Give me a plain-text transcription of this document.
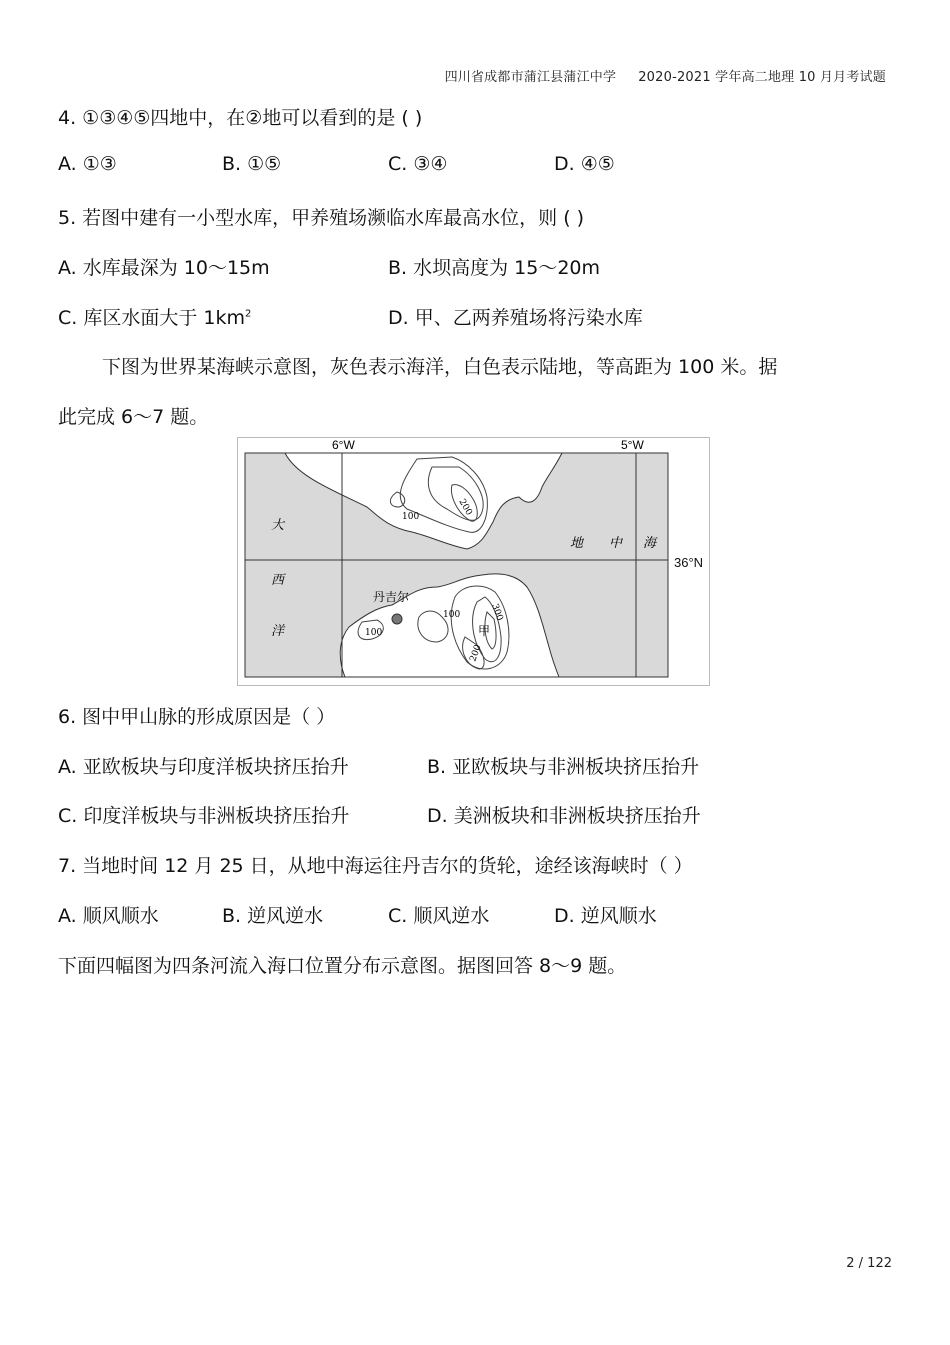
四川省成都市蒲江县蒲江中学 2020-2021 学年高二地理 10 月月考试题
4. ①③④⑤四地中，在②地可以看到的是 ( )
A. ①③	B. ①⑤	C. ③④	D. ④⑤
5. 若图中建有一小型水库，甲养殖场濒临水库最高水位，则 ( )
A. 水库最深为 10～15m	B. 水坝高度为 15～20m
C. 库区水面大于 $1km^2$	D. 甲、乙两养殖场将污染水库
下图为世界某海峡示意图，灰色表示海洋，白色表示陆地，等高距为 100 米。据
此完成 6～7 题。
6°W	5°W
大
西
洋
地 中 海
100	200
100
100
200
300
丹吉尔
甲
36°N
6. 图中甲山脉的形成原因是（ ）
A. 亚欧板块与印度洋板块挤压抬升	B. 亚欧板块与非洲板块挤压抬升
C. 印度洋板块与非洲板块挤压抬升	D. 美洲板块和非洲板块挤压抬升
7. 当地时间 12 月 25 日，从地中海运往丹吉尔的货轮，途经该海峡时（ ）
A. 顺风顺水	B. 逆风逆水	C. 顺风逆水	D. 逆风顺水
下面四幅图为四条河流入海口位置分布示意图。据图回答 8～9 题。
2 / 122
